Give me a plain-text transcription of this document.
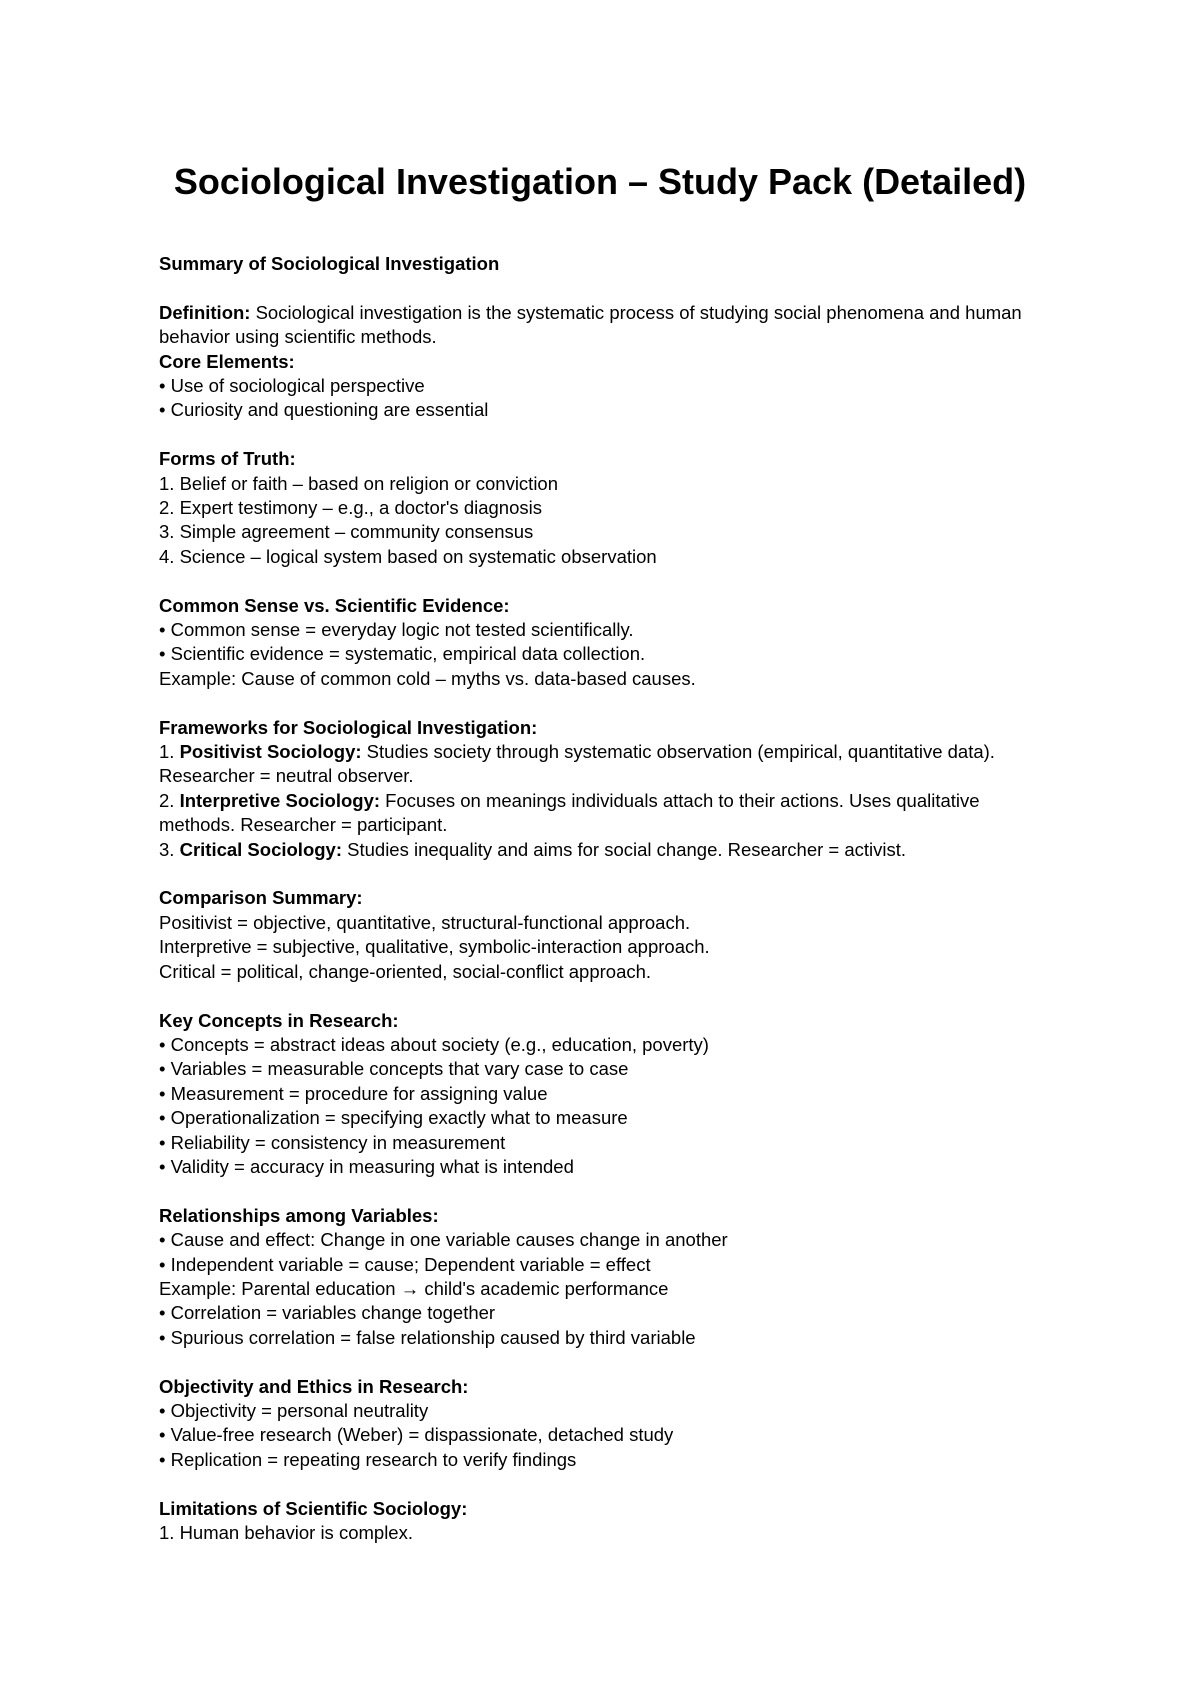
Sociological Investigation – Study Pack (Detailed)
Summary of Sociological Investigation
Definition: Sociological investigation is the systematic process of studying social phenomena and human behavior using scientific methods.
Core Elements:
• Use of sociological perspective
• Curiosity and questioning are essential
Forms of Truth:
1. Belief or faith – based on religion or conviction
2. Expert testimony – e.g., a doctor's diagnosis
3. Simple agreement – community consensus
4. Science – logical system based on systematic observation
Common Sense vs. Scientific Evidence:
• Common sense = everyday logic not tested scientifically.
• Scientific evidence = systematic, empirical data collection.
Example: Cause of common cold – myths vs. data-based causes.
Frameworks for Sociological Investigation:
1. Positivist Sociology: Studies society through systematic observation (empirical, quantitative data). Researcher = neutral observer.
2. Interpretive Sociology: Focuses on meanings individuals attach to their actions. Uses qualitative methods. Researcher = participant.
3. Critical Sociology: Studies inequality and aims for social change. Researcher = activist.
Comparison Summary:
Positivist = objective, quantitative, structural-functional approach.
Interpretive = subjective, qualitative, symbolic-interaction approach.
Critical = political, change-oriented, social-conflict approach.
Key Concepts in Research:
• Concepts = abstract ideas about society (e.g., education, poverty)
• Variables = measurable concepts that vary case to case
• Measurement = procedure for assigning value
• Operationalization = specifying exactly what to measure
• Reliability = consistency in measurement
• Validity = accuracy in measuring what is intended
Relationships among Variables:
• Cause and effect: Change in one variable causes change in another
• Independent variable = cause; Dependent variable = effect
Example: Parental education → child's academic performance
• Correlation = variables change together
• Spurious correlation = false relationship caused by third variable
Objectivity and Ethics in Research:
• Objectivity = personal neutrality
• Value-free research (Weber) = dispassionate, detached study
• Replication = repeating research to verify findings
Limitations of Scientific Sociology:
1. Human behavior is complex.
